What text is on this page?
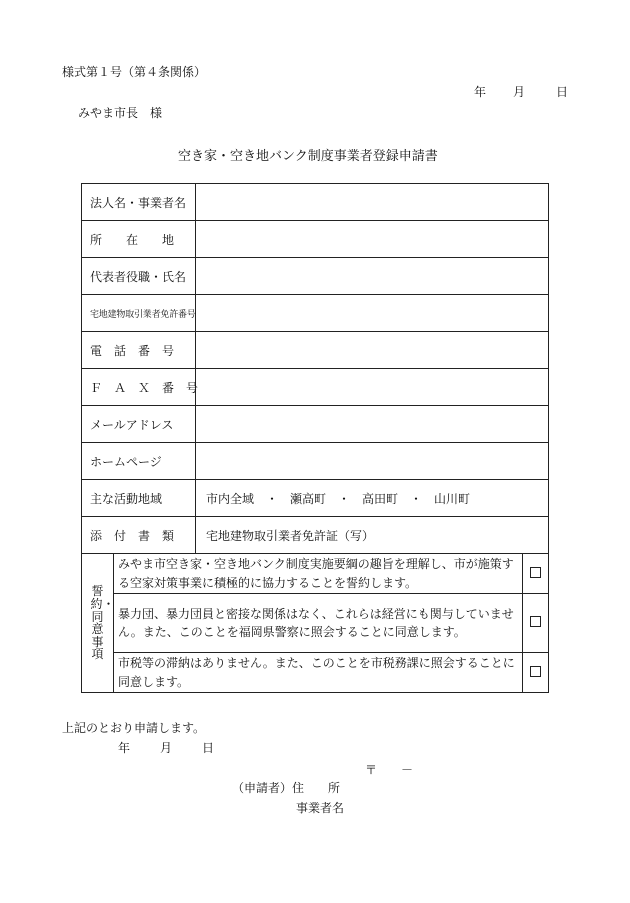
様式第１号（第４条関係）
年 月	日
みやま市長　様
空き家・空き地バンク制度事業者登録申請書
法人名・事業者名			
所　　在　　地			
代表者役職・氏名			
宅地建物取引業者免許番号			
電　話　番　号			
Ｆ　Ａ　Ｘ　番　号			
メールアドレス			
ホームページ			
主な活動地域		市内全域　・　瀬高町　・　高田町　・　山川町	
添　付　書　類		宅地建物取引業者免許証（写）	
誓約・同意事項	みやま市空き家・空き地バンク制度実施要綱の趣旨を理解し、市が施策する空家対策事業に積極的に協力することを誓約します。		
	暴力団、暴力団員と密接な関係はなく、これらは経営にも関与していません。また、このことを福岡県警察に照会することに同意します。		
	市税等の滞納はありません。また、このことを市税務課に照会することに同意します。		
上記のとおり申請します。
年 月 日
〒　　－
（申請者）住　　所
事業者名
